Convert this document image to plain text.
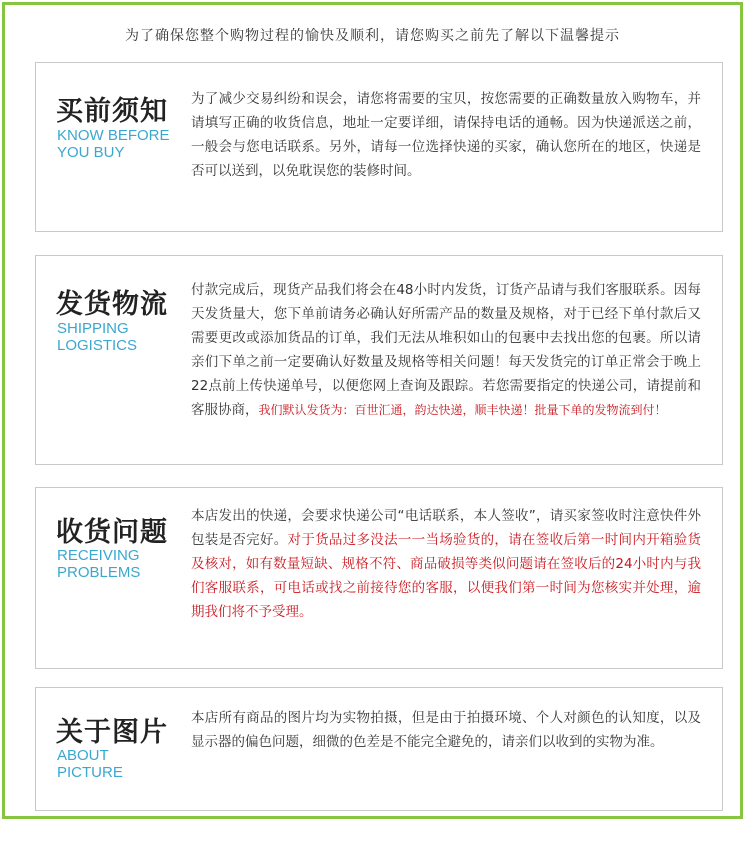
为了确保您整个购物过程的愉快及顺利，请您购买之前先了解以下温馨提示
买前须知
KNOW BEFORE
YOU BUY
为了减少交易纠纷和误会，请您将需要的宝贝，按您需要的正确数量放入购物车，并请填写正确的收货信息，地址一定要详细，请保持电话的通畅。因为快递派送之前，一般会与您电话联系。另外，请每一位选择快递的买家，确认您所在的地区，快递是否可以送到，以免耽误您的装修时间。
发货物流
SHIPPING
LOGISTICS
付款完成后，现货产品我们将会在48小时内发货，订货产品请与我们客服联系。因每天发货量大，您下单前请务必确认好所需产品的数量及规格，对于已经下单付款后又需要更改或添加货品的订单，我们无法从堆积如山的包裹中去找出您的包裹。所以请亲们下单之前一定要确认好数量及规格等相关问题！每天发货完的订单正常会于晚上22点前上传快递单号，以便您网上查询及跟踪。若您需要指定的快递公司，请提前和客服协商，我们默认发货为：百世汇通，韵达快递，顺丰快递！批量下单的发物流到付！
收货问题
RECEIVING
PROBLEMS
本店发出的快递，会要求快递公司“电话联系，本人签收”，请买家签收时注意快件外包装是否完好。对于货品过多没法一一当场验货的，请在签收后第一时间内开箱验货及核对，如有数量短缺、规格不符、商品破损等类似问题请在签收后的24小时内与我们客服联系，可电话或找之前接待您的客服，以便我们第一时间为您核实并处理，逾期我们将不予受理。
关于图片
ABOUT
PICTURE
本店所有商品的图片均为实物拍摄，但是由于拍摄环境、个人对颜色的认知度，以及显示器的偏色问题，细微的色差是不能完全避免的，请亲们以收到的实物为准。
